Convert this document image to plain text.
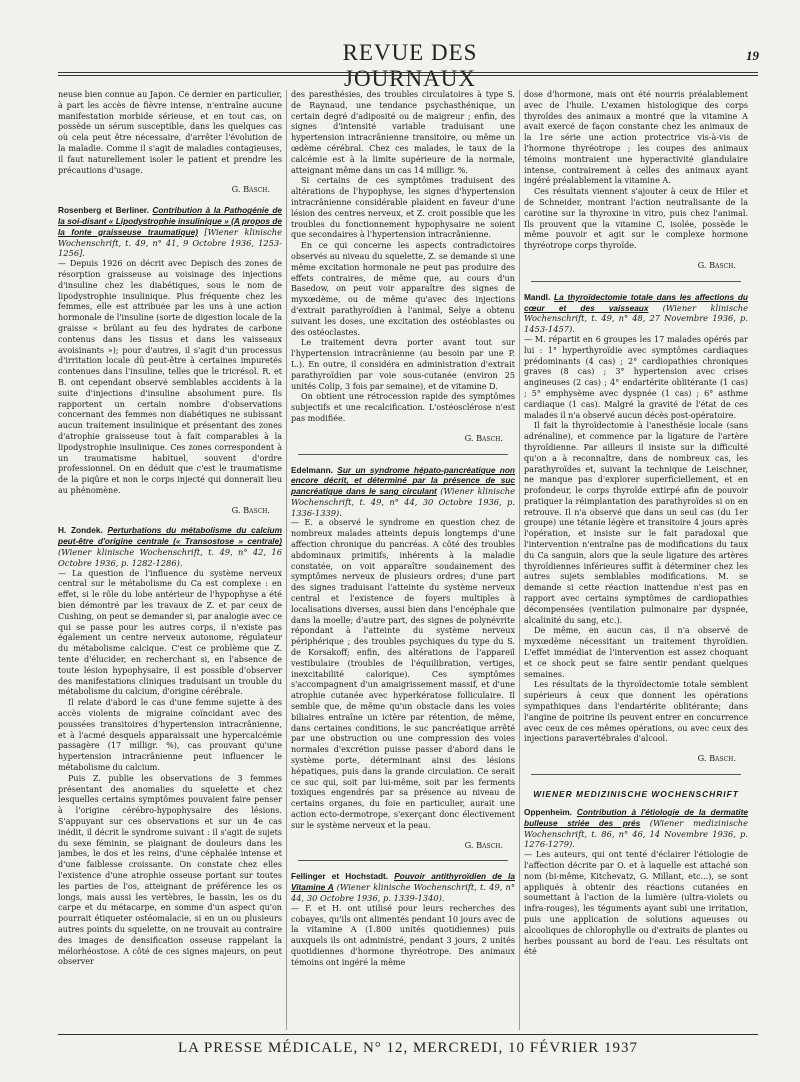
REVUE DES JOURNAUX
19

neuse bien connue au Japon. Ce dernier en particulier, à part les accès de fièvre intense, n'entraîne aucune manifestation morbide sérieuse, et en tout cas, on possède un sérum susceptible, dans les quelques cas où cela peut être nécessaire, d'arrêter l'évolution de la maladie. Comme il s'agit de maladies contagieuses, il faut naturellement isoler le patient et prendre les précautions d'usage.

G. Basch.
Rosenberg et Berliner. Contribution à la Pathogénie de la soi-disant « Lipodystrophie insulinique » (A propos de la fonte graisseuse traumatique) [Wiener klinische Wochenschrift, t. 49, n° 41, 9 Octobre 1936, 1253-1256].

— Depuis 1926 on décrit avec Depisch des zones de résorption graisseuse au voisinage des injections d'insuline chez les diabétiques, sous le nom de lipodystrophie insulinique. Plus fréquente chez les femmes, elle est attribuée par les uns à une action hormonale de l'insuline (sorte de digestion locale de la graisse « brûlant au feu des hydrates de carbone contenus dans les tissus et dans les vaisseaux avoisinants »); pour d'autres, il s'agit d'un processus d'irritation locale dû peut-être à certaines impuretés contenues dans l'insuline, telles que le tricrésol. R. et B. ont cependant observé semblables accidents à la suite d'injections d'insuline absolument pure. Ils rapportent un certain nombre d'observations concernant des femmes non diabétiques ne subissant aucun traitement insulinique et présentant des zones d'atrophie graisseuse tout à fait comparables à la lipodystrophie insulinique. Ces zones correspondent à un traumatisme habituel, souvent d'ordre professionnel. On en déduit que c'est le traumatisme de la piqûre et non le corps injecté qui donnerait lieu au phénomène.

G. Basch.
H. Zondek. Perturbations du métabolisme du calcium peut-être d'origine centrale (« Transostose » centrale) (Wiener klinische Wochenschrift, t. 49, n° 42, 16 Octobre 1936, p. 1282-1286).

— La question de l'influence du système nerveux central sur le métabolisme du Ca est complexe : en effet, si le rôle du lobe antérieur de l'hypophyse a été bien démontré par les travaux de Z. et par ceux de Cushing, on peut se demander si, par analogie avec ce qui se passe pour les autres corps, il n'existe pas également un centre nerveux autonome, régulateur du métabolisme calcique. C'est ce problème que Z. tente d'élucider, en recherchant si, en l'absence de toute lésion hypophysaire, il est possible d'observer des manifestations cliniques traduisant un trouble du métabolisme du calcium, d'origine cérébrale.

Il relate d'abord le cas d'une femme sujette à des accès violents de migraine coïncidant avec des poussées transitoires d'hypertension intracrânienne, et à l'acmé desquels apparaissait une hypercalcémie passagère (17 milligr. %), cas prouvant qu'une hypertension intracrânienne peut influencer le métabolisme du calcium.

Puis Z. publie les observations de 3 femmes présentant des anomalies du squelette et chez lesquelles certains symptômes pouvaient faire penser à l'origine cérébro-hypophysaire des lésions. S'appuyant sur ces observations et sur un 4e cas inédit, il décrit le syndrome suivant : il s'agit de sujets du sexe féminin, se plaignant de douleurs dans les jambes, le dos et les reins, d'une céphalée intense et d'une faiblesse croissante. On constate chez elles l'existence d'une atrophie osseuse portant sur toutes les parties de l'os, atteignant de préférence les os longs, mais aussi les vertèbres, le bassin, les os du carpe et du métacarpe, en somme d'un aspect qu'on pourrait étiqueter ostéomalacie, si en un ou plusieurs autres points du squelette, on ne trouvait au contraire des images de densification osseuse rappelant la mélorhéostose. A côté de ces signes majeurs, on peut observer

des paresthésies, des troubles circulatoires à type S. de Raynaud, une tendance psychasthénique, un certain degré d'adiposité ou de maigreur ; enfin, des signes d'intensité variable traduisant une hypertension intracrânienne transitoire, ou même un œdème cérébral. Chez ces malades, le taux de la calcémie est à la limite supérieure de la normale, atteignant même dans un cas 14 milligr. %.

Si certains de ces symptômes traduisent des altérations de l'hypophyse, les signes d'hypertension intracrânienne considérable plaident en faveur d'une lésion des centres nerveux, et Z. croit possible que les troubles du fonctionnement hypophysaire ne soient que secondaires à l'hypertension intracrânienne.

En ce qui concerne les aspects contradictoires observés au niveau du squelette, Z. se demande si une même excitation hormonale ne peut pas produire des effets contraires, de même que, au cours d'un Basedow, on peut voir apparaître des signes de myxœdème, ou de même qu'avec des injections d'extrait parathyroïdien à l'animal, Selye a obtenu suivant les doses, une excitation des ostéoblastes ou des ostéoclastes.

Le traitement devra porter avant tout sur l'hypertension intracrânienne (au besoin par une P. L.). En outre, il considéra en administration d'extrait parathyroïdien par voie sous-cutanée (environ 25 unités Colip, 3 fois par semaine), et de vitamine D.

On obtient une rétrocession rapide des symptômes subjectifs et une recalcification. L'ostéosclérose n'est pas modifiée.

G. Basch.
Edelmann. Sur un syndrome hépato-pancréatique non encore décrit, et déterminé par la présence de suc pancréatique dans le sang circulant (Wiener klinische Wochenschrift, t. 49, n° 44, 30 Octobre 1936, p. 1336-1339).

— E. a observé le syndrome en question chez de nombreux malades atteints depuis longtemps d'une affection chronique du pancréas. A côté des troubles abdominaux primitifs, inhérents à la maladie constatée, on voit apparaître soudainement des symptômes nerveux de plusieurs ordres; d'une part des signes traduisant l'atteinte du système nerveux central et l'existence de foyers multiples à localisations diverses, aussi bien dans l'encéphale que dans la moelle; d'autre part, des signes de polynévrite répondant à l'atteinte du système nerveux périphérique ; des troubles psychiques du type du S. de Korsakoff; enfin, des altérations de l'appareil vestibulaire (troubles de l'équilibration, vertiges, inexcitabilité calorique). Ces symptômes s'accompagnent d'un amaigrissement massif, et d'une atrophie cutanée avec hyperkératose folliculaire. Il semble que, de même qu'un obstacle dans les voies biliaires entraîne un ictère par rétention, de même, dans certaines conditions, le suc pancréatique arrêté par une obstruction ou une compression des voies normales d'excrétion puisse passer d'abord dans le système porte, déterminant ainsi des lésions hépatiques, puis dans la grande circulation. Ce serait ce suc qui, soit par lui-même, soit par les ferments toxiques engendrés par sa présence au niveau de certains organes, du foie en particulier, aurait une action ecto-dermotrope, s'exerçant donc électivement sur le système nerveux et la peau.

G. Basch.
Fellinger et Hochstadt. Pouvoir antithyroïdien de la Vitamine A (Wiener klinische Wochenschrift, t. 49, n° 44, 30 Octobre 1936, p. 1339-1340).

— F. et H. ont utilisé pour leurs recherches des cobayes, qu'ils ont alimentés pendant 10 jours avec de la vitamine A (1.800 unités quotidiennes) puis auxquels ils ont administré, pendant 3 jours, 2 unités quotidiennes d'hormone thyréotrope. Des animaux témoins ont ingéré la même

dose d'hormone, mais ont été nourris préalablement avec de l'huile. L'examen histologique des corps thyroïdes des animaux a montré que la vitamine A avait exercé de façon constante chez les animaux de la 1re série une action protectrice vis-à-vis de l'hormone thyréotrope ; les coupes des animaux témoins montraient une hyperactivité glandulaire intense, contrairement à celles des animaux ayant ingéré préalablement la vitamine A.

Ces résultats viennent s'ajouter à ceux de Hiler et de Schneider, montrant l'action neutralisante de la carotine sur la thyroxine in vitro, puis chez l'animal. Ils prouvent que la vitamine C, isolée, possède le même pouvoir et agit sur le complexe hormone thyréotrope corps thyroïde.

G. Basch.
Mandl. La thyroïdectomie totale dans les affections du cœur et des vaisseaux (Wiener klinische Wochenschrift, t. 49, n° 48, 27 Novembre 1936, p. 1453-1457).

— M. répartit en 6 groupes les 17 malades opérés par lui : 1° hyperthyroïdie avec symptômes cardiaques prédominants (4 cas) ; 2° cardiopathies chroniques graves (8 cas) ; 3° hypertension avec crises angineuses (2 cas) ; 4° endartérite oblitérante (1 cas) ; 5° emphysème avec dyspnée (1 cas) ; 6° asthme cardiaque (1 cas). Malgré la gravité de l'état de ces malades il n'a observé aucun décès post-opératoire.

Il fait la thyroïdectomie à l'anesthésie locale (sans adrénaline), et commence par la ligature de l'artère thyroïdienne. Par ailleurs il insiste sur la difficulté qu'on a à reconnaître, dans de nombreux cas, les parathyroïdes et, suivant la technique de Leischner, ne manque pas d'explorer superficiellement, et en profondeur, le corps thyroïde extirpé afin de pouvoir pratiquer la réimplantation des parathyroïdes si on en retrouve. Il n'a observé que dans un seul cas (du 1er groupe) une tétanie légère et transitoire 4 jours après l'opération, et insiste sur le fait paradoxal que l'intervention n'entraîne pas de modifications du taux du Ca sanguin, alors que la seule ligature des artères thyroïdiennes inférieures suffit à déterminer chez les autres sujets semblables modifications. M. se demande si cette réaction inattendue n'est pas en rapport avec certains symptômes de cardiopathies décompensées (ventilation pulmonaire par dyspnée, alcalinité du sang, etc.).

De même, en aucun cas, il n'a observé de myxœdème nécessitant un traitement thyroïdien. L'effet immédiat de l'intervention est assez choquant et ce shock peut se faire sentir pendant quelques semaines.

Les résultats de la thyroïdectomie totale semblent supérieurs à ceux que donnent les opérations sympathiques dans l'endartérite oblitérante; dans l'angine de poitrine ils peuvent entrer en concurrence avec ceux de ces mêmes opérations, ou avec ceux des injections paravertébrales d'alcool.

G. Basch.
WIENER MEDIZINISCHE WOCHENSCHRIFT
Oppenheim. Contribution à l'étiologie de la dermatite bulleuse striée des prés (Wiener medizinische Wochenschrift, t. 86, n° 46, 14 Novembre 1936, p. 1276-1279).

— Les auteurs, qui ont tenté d'éclairer l'étiologie de l'affection décrite par O. et à laquelle est attaché son nom (bi-même, Kitchevatz, G. Millant, etc...), se sont appliqués à obtenir des réactions cutanées en soumettant à l'action de la lumière (ultra-violets ou infra-rouges), les téguments ayant subi une irritation, puis une application de solutions aqueuses ou alcooliques de chlorophylle ou d'extraits de plantes ou herbes poussant au bord de l'eau. Les résultats ont été

LA PRESSE MÉDICALE, N° 12, MERCREDI, 10 FÉVRIER 1937
